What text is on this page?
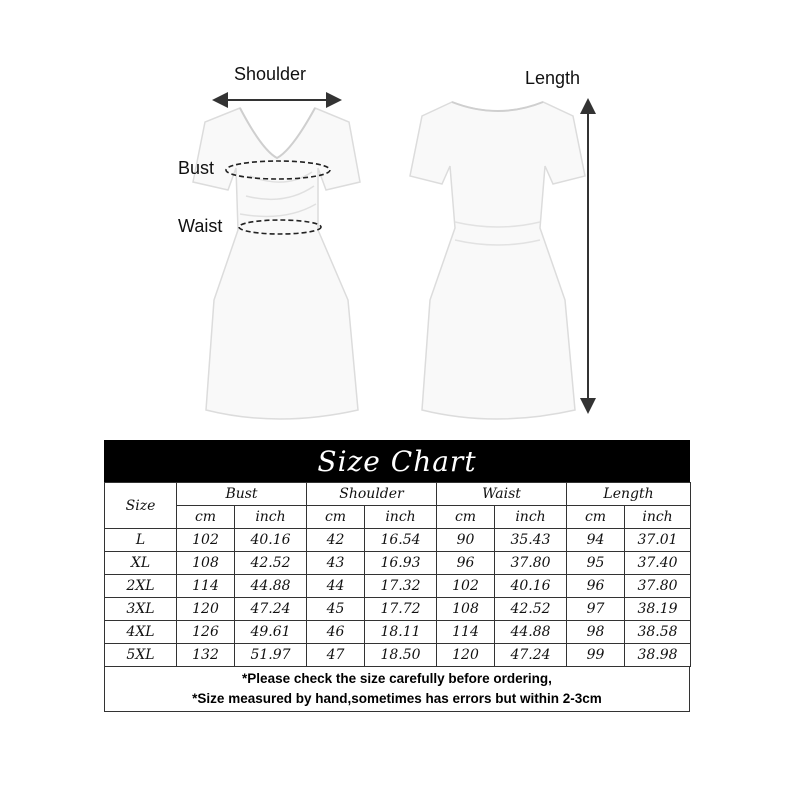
Shoulder	Length
Bust
Waist
Size Chart
Size	Bust		Shoulder		Waist		Length	
	cm	inch	cm	inch	cm	inch	cm	inch
L	102	40.16	42	16.54	90	35.43	94	37.01
XL	108	42.52	43	16.93	96	37.80	95	37.40
2XL	114	44.88	44	17.32	102	40.16	96	37.80
3XL	120	47.24	45	17.72	108	42.52	97	38.19
4XL	126	49.61	46	18.11	114	44.88	98	38.58
5XL	132	51.97	47	18.50	120	47.24	99	38.98
*Please check the size carefully before ordering,
*Size measured by hand,sometimes has errors but within 2-3cm
